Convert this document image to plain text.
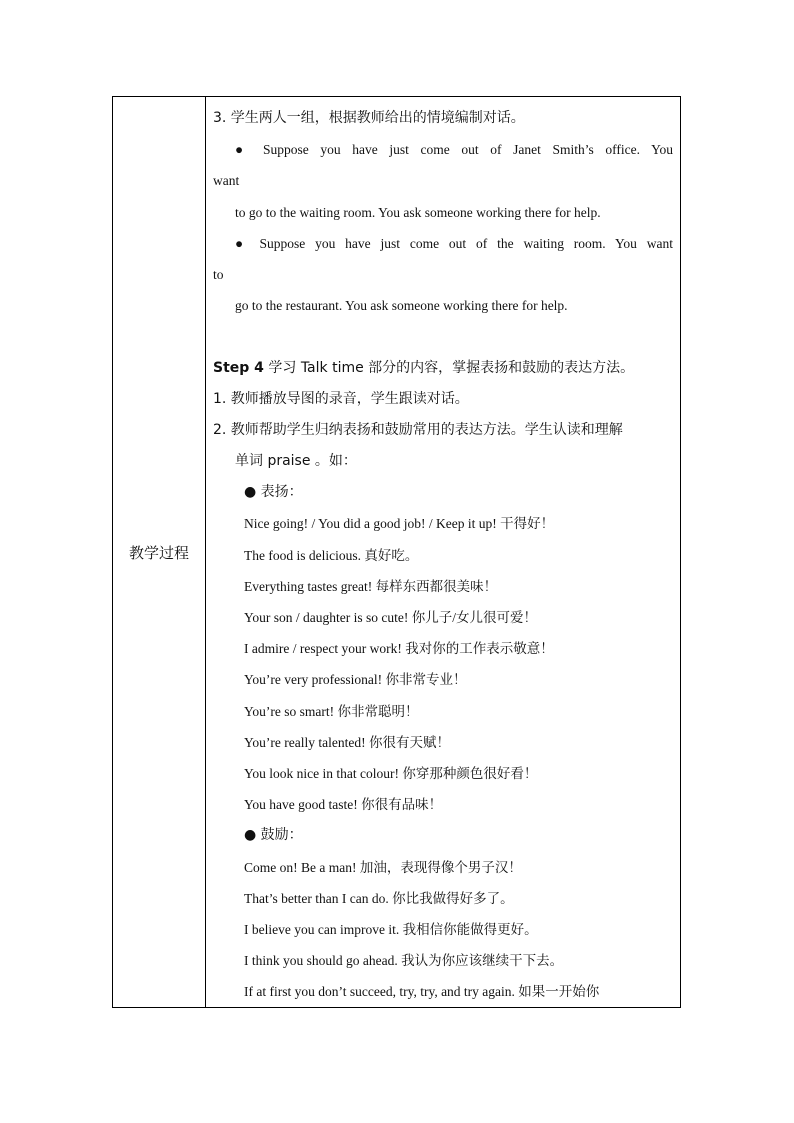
教学过程	
3. 学生两人一组，根据教师给出的情境编制对话。
● Suppose you have just come out of Janet Smith’s office. You
want
to go to the waiting room. You ask someone working there for help.
● Suppose you have just come out of the waiting room. You want
to
go to the restaurant. You ask someone working there for help.
Step 4 学习 Talk time 部分的内容，掌握表扬和鼓励的表达方法。
1. 教师播放导图的录音，学生跟读对话。
2. 教师帮助学生归纳表扬和鼓励常用的表达方法。学生认读和理解
单词 praise 。如：
● 表扬：
Nice going! / You did a good job! / Keep it up! 干得好！
The food is delicious. 真好吃。
Everything tastes great! 每样东西都很美味！
Your son / daughter is so cute! 你儿子/女儿很可爱！
I admire / respect your work! 我对你的工作表示敬意！
You’re very professional! 你非常专业！
You’re so smart! 你非常聪明！
You’re really talented! 你很有天赋！
You look nice in that colour! 你穿那种颜色很好看！
You have good taste! 你很有品味！
● 鼓励：
Come on! Be a man! 加油，表现得像个男子汉！
That’s better than I can do. 你比我做得好多了。
I believe you can improve it. 我相信你能做得更好。
I think you should go ahead. 我认为你应该继续干下去。
If at first you don’t succeed, try, try, and try again. 如果一开始你
